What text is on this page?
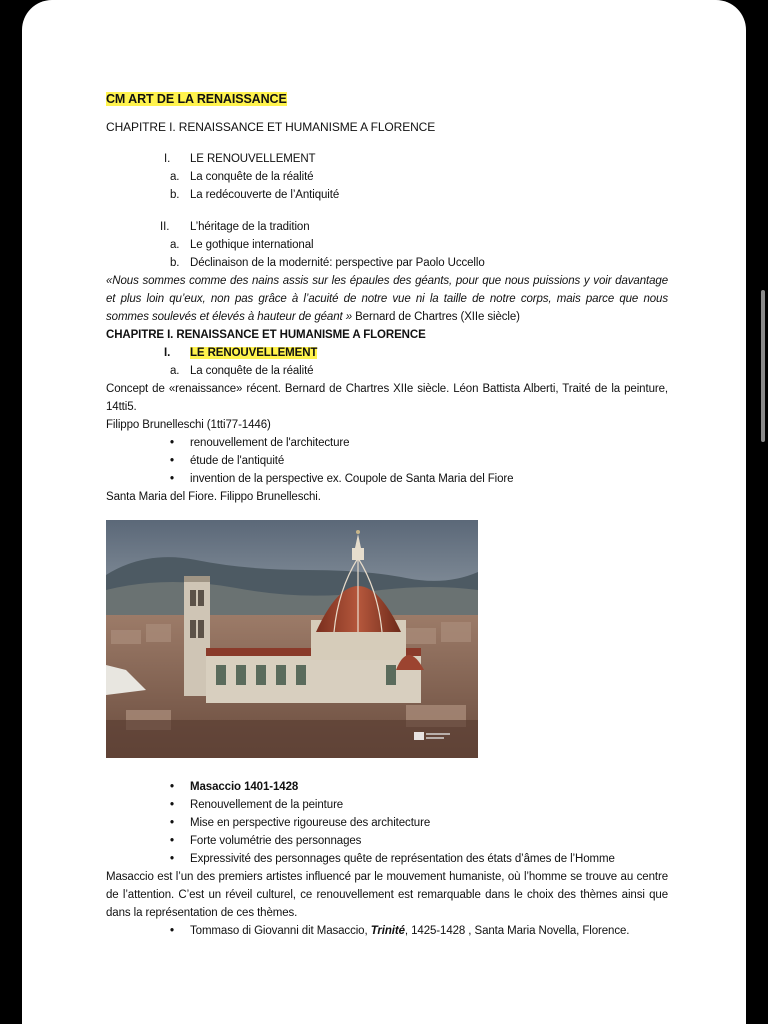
CM ART DE LA RENAISSANCE
CHAPITRE I. RENAISSANCE ET HUMANISME A FLORENCE
I. LE RENOUVELLEMENT
a. La conquête de la réalité
b. La redécouverte de l’Antiquité
II. L’héritage de la tradition
a. Le gothique international
b. Déclinaison de la modernité: perspective par Paolo Uccello
«Nous sommes comme des nains assis sur les épaules des géants, pour que nous puissions y voir davantage et plus loin qu’eux, non pas grâce à l’acuité de notre vue ni la taille de notre corps, mais parce que nous sommes soulevés et élevés à hauteur de géant » Bernard de Chartres (XIIe siècle)
CHAPITRE I. RENAISSANCE ET HUMANISME A FLORENCE
I. LE RENOUVELLEMENT
a. La conquête de la réalité
Concept de «renaissance» récent. Bernard de Chartres XIIe siècle. Léon Battista Alberti, Traité de la peinture, 14tti5.
Filippo Brunelleschi (1tti77-1446)
•	renouvellement de l'architecture
•	étude de l'antiquité
•	invention de la perspective ex. Coupole de Santa Maria del Fiore
Santa Maria del Fiore. Filippo Brunelleschi.
•	Masaccio 1401-1428
•	Renouvellement de la peinture
•	Mise en perspective rigoureuse des architecture
•	Forte volumétrie des personnages
•	Expressivité des personnages quête de représentation des états d’âmes de l’Homme
Masaccio est l’un des premiers artistes influencé par le mouvement humaniste, où l’homme se trouve au centre de l’attention. C’est un réveil culturel, ce renouvellement est remarquable dans le choix des thèmes ainsi que dans la représentation de ces thèmes.
•	Tommaso di Giovanni dit Masaccio, Trinité, 1425-1428 , Santa Maria Novella, Florence.
